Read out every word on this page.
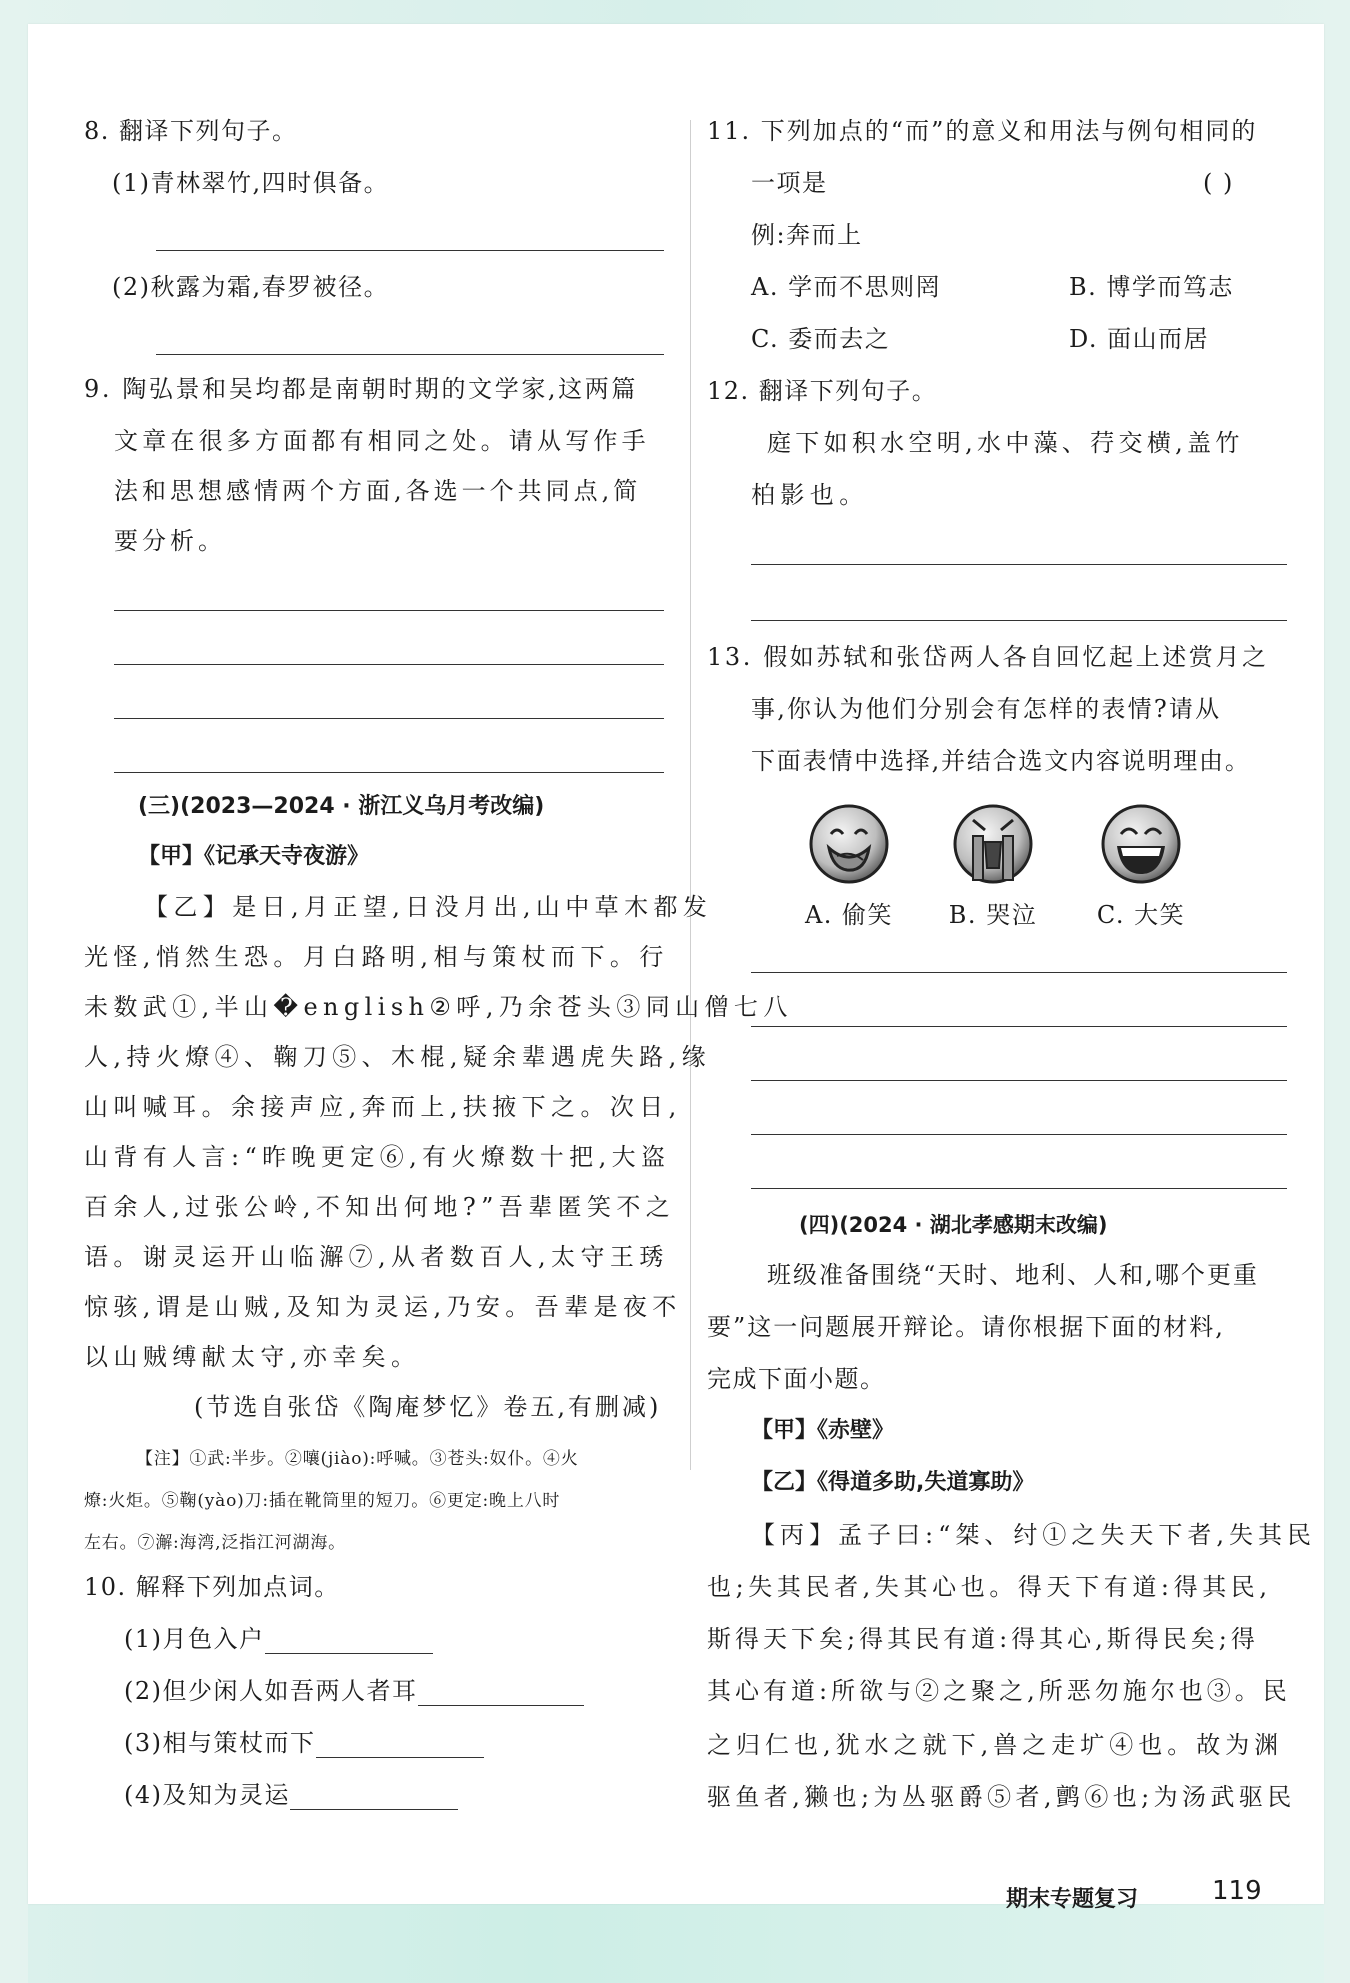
8. 翻译下列句子。
(1)青林翠竹,四时俱备。
(2)秋露为霜,春罗被径。
9. 陶弘景和吴均都是南朝时期的文学家,这两篇
文章在很多方面都有相同之处。请从写作手
法和思想感情两个方面,各选一个共同点,简
要分析。
(三)(2023—2024 · 浙江义乌月考改编)
【甲】《记承天寺夜游》
【乙】是日,月正望,日没月出,山中草木都发
光怪,悄然生恐。月白路明,相与策杖而下。行
未数武①,半山�english②呼,乃余苍头③同山僧七八
人,持火燎④、鞠刀⑤、木棍,疑余辈遇虎失路,缘
山叫喊耳。余接声应,奔而上,扶掖下之。次日,
山背有人言:“昨晚更定⑥,有火燎数十把,大盗
百余人,过张公岭,不知出何地?”吾辈匿笑不之
语。谢灵运开山临澥⑦,从者数百人,太守王琇
惊骇,谓是山贼,及知为灵运,乃安。吾辈是夜不
以山贼缚献太守,亦幸矣。
(节选自张岱《陶庵梦忆》卷五,有删减)
【注】①武:半步。②嚷(jiào):呼喊。③苍头:奴仆。④火
燎:火炬。⑤鞠(yào)刀:插在靴筒里的短刀。⑥更定:晚上八时
左右。⑦澥:海湾,泛指江河湖海。
10. 解释下列加点词。
(1)月色入户
(2)但少闲人如吾两人者耳
(3)相与策杖而下
(4)及知为灵运
11. 下列加点的“而”的意义和用法与例句相同的
一项是	( )
例:奔而上
A. 学而不思则罔	B. 博学而笃志
C. 委而去之	D. 面山而居
12. 翻译下列句子。
庭下如积水空明,水中藻、荇交横,盖竹
柏影也。
13. 假如苏轼和张岱两人各自回忆起上述赏月之
事,你认为他们分别会有怎样的表情?请从
下面表情中选择,并结合选文内容说明理由。
A. 偷笑	B. 哭泣	C. 大笑
(四)(2024 · 湖北孝感期末改编)
班级准备围绕“天时、地利、人和,哪个更重
要”这一问题展开辩论。请你根据下面的材料,
完成下面小题。
【甲】《赤壁》
【乙】《得道多助,失道寡助》
【丙】孟子曰:“桀、纣①之失天下者,失其民
也;失其民者,失其心也。得天下有道:得其民,
斯得天下矣;得其民有道:得其心,斯得民矣;得
其心有道:所欲与②之聚之,所恶勿施尔也③。民
之归仁也,犹水之就下,兽之走圹④也。故为渊
驱鱼者,獭也;为丛驱爵⑤者,鹯⑥也;为汤武驱民
期末专题复习	119
